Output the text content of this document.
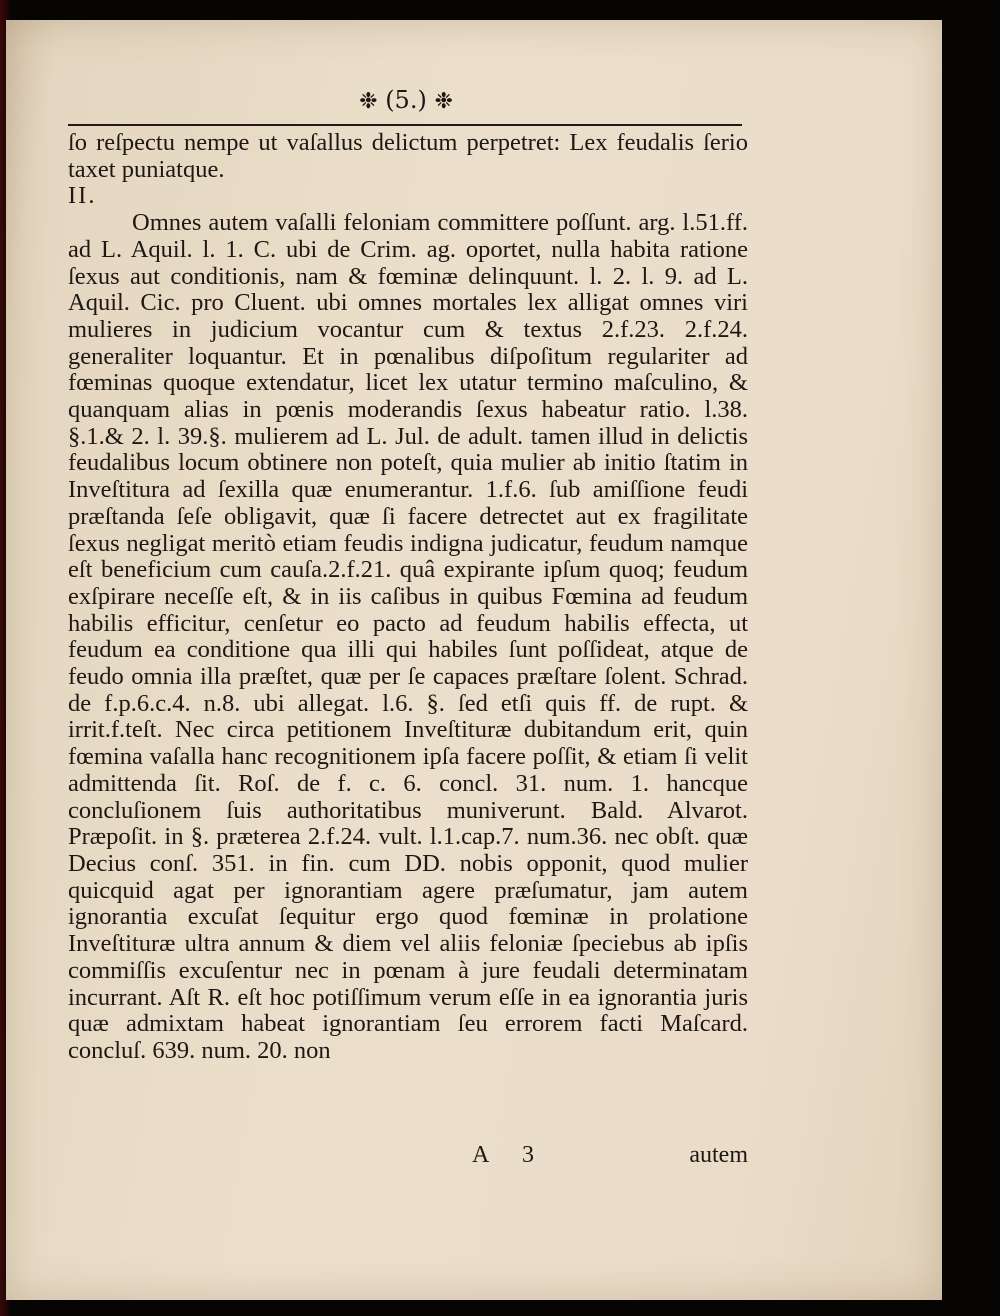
❉ (5.) ❉

ſo reſpectu nempe ut vaſallus delictum perpetret: Lex feudalis ſerio taxet puniatque.

II.

Omnes autem vaſalli feloniam committere poſſunt. arg. l.51.ff. ad L. Aquil. l. 1. C. ubi de Crim. ag. oportet, nulla habita ratione ſexus aut conditionis, nam & fœminæ delinquunt. l. 2. l. 9. ad L. Aquil. Cic. pro Cluent. ubi omnes mortales lex alligat omnes viri mulieres in judicium vocantur cum & textus 2.f.23. 2.f.24. generaliter loquantur. Et in pœnalibus diſpoſitum regulariter ad fœminas quoque extendatur, licet lex utatur termino maſculino, & quanquam alias in pœnis moderandis ſexus habeatur ratio. l.38. §.1.& 2. l. 39.§. mulierem ad L. Jul. de adult. tamen illud in delictis feudalibus locum obtinere non poteſt, quia mulier ab initio ſtatim in Inveſtitura ad ſexilla quæ enumerantur. 1.f.6. ſub amiſſione feudi præſtanda ſeſe obligavit, quæ ſi facere detrectet aut ex fragilitate ſexus negligat meritò etiam feudis indigna judicatur, feudum namque eſt beneficium cum cauſa.2.f.21. quâ expirante ipſum quoq; feudum exſpirare neceſſe eſt, & in iis caſibus in quibus Fœmina ad feudum habilis efficitur, cenſetur eo pacto ad feudum habilis effecta, ut feudum ea conditione qua illi qui habiles ſunt poſſideat, atque de feudo omnia illa præſtet, quæ per ſe capaces præſtare ſolent. Schrad. de f.p.6.c.4. n.8. ubi allegat. l.6. §. ſed etſi quis ff. de rupt. & irrit.f.teſt. Nec circa petitionem Inveſtituræ dubitandum erit, quin fœmina vaſalla hanc recognitionem ipſa facere poſſit, & etiam ſi velit admittenda ſit. Roſ. de f. c. 6. concl. 31. num. 1. hancque concluſionem ſuis authoritatibus muniverunt. Bald. Alvarot. Præpoſit. in §. præterea 2.f.24. vult. l.1.cap.7. num.36. nec obſt. quæ Decius conſ. 351. in fin. cum DD. nobis opponit, quod mulier quicquid agat per ignorantiam agere præſumatur, jam autem ignorantia excuſat ſequitur ergo quod fœminæ in prolatione Inveſtituræ ultra annum & diem vel aliis feloniæ ſpeciebus ab ipſis commiſſis excuſentur nec in pœnam à jure feudali determinatam incurrant. Aſt R. eſt hoc potiſſimum verum eſſe in ea ignorantia juris quæ admixtam habeat ignorantiam ſeu errorem facti Maſcard. concluſ. 639. num. 20. non

A 3	autem
